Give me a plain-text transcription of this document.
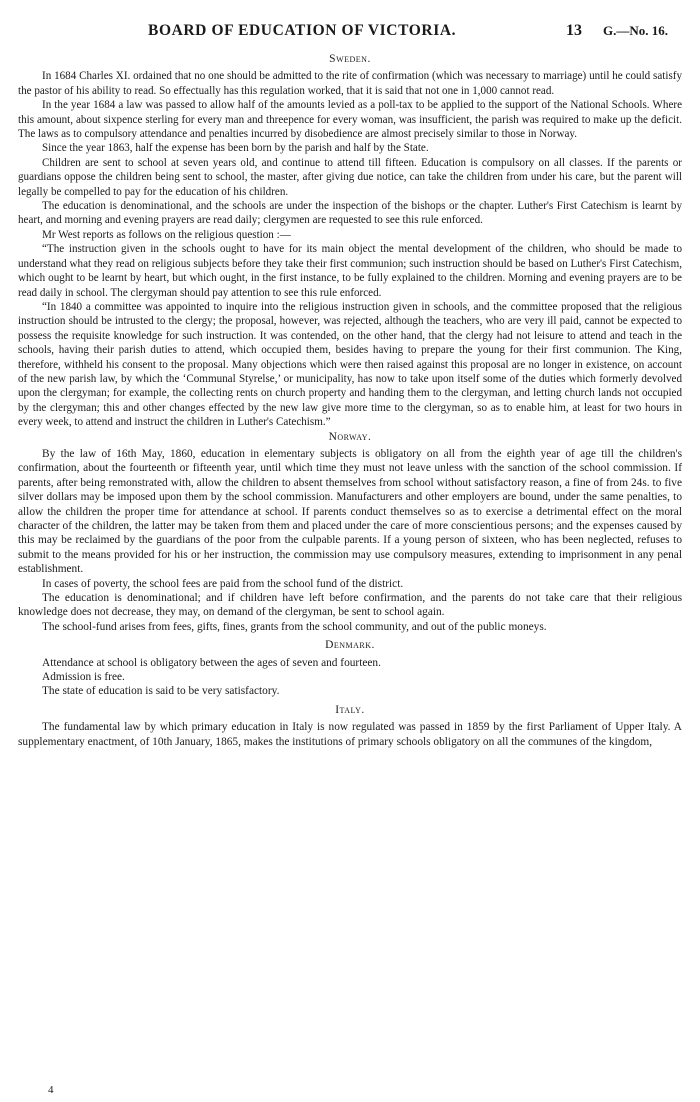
BOARD OF EDUCATION OF VICTORIA.	13 G.—No. 16.
Sweden.

In 1684 Charles XI. ordained that no one should be admitted to the rite of confirmation (which was necessary to marriage) until he could satisfy the pastor of his ability to read. So effectually has this regulation worked, that it is said that not one in 1,000 cannot read.

In the year 1684 a law was passed to allow half of the amounts levied as a poll-tax to be applied to the support of the National Schools. Where this amount, about sixpence sterling for every man and threepence for every woman, was insufficient, the parish was required to make up the deficit. The laws as to compulsory attendance and penalties incurred by disobedience are almost precisely similar to those in Norway.

Since the year 1863, half the expense has been born by the parish and half by the State.

Children are sent to school at seven years old, and continue to attend till fifteen. Education is compulsory on all classes. If the parents or guardians oppose the children being sent to school, the master, after giving due notice, can take the children from under his care, but the parent will legally be compelled to pay for the education of his children.

The education is denominational, and the schools are under the inspection of the bishops or the chapter. Luther's First Catechism is learnt by heart, and morning and evening prayers are read daily; clergymen are requested to see this rule enforced.

Mr West reports as follows on the religious question :—

“The instruction given in the schools ought to have for its main object the mental development of the children, who should be made to understand what they read on religious subjects before they take their first communion; such instruction should be based on Luther's First Catechism, which ought to be learnt by heart, but which ought, in the first instance, to be fully explained to the children. Morning and evening prayers are to be read daily in school. The clergyman should pay attention to see this rule enforced.

“In 1840 a committee was appointed to inquire into the religious instruction given in schools, and the committee proposed that the religious instruction should be intrusted to the clergy; the proposal, however, was rejected, although the teachers, who are very ill paid, cannot be expected to possess the requisite knowledge for such instruction. It was contended, on the other hand, that the clergy had not leisure to attend and teach in the schools, having their parish duties to attend, which occupied them, besides having to prepare the young for their first communion. The King, therefore, withheld his consent to the proposal. Many objections which were then raised against this proposal are no longer in existence, on account of the new parish law, by which the ‘Communal Styrelse,’ or municipality, has now to take upon itself some of the duties which formerly devolved upon the clergyman; for example, the collecting rents on church property and handing them to the clergyman, and letting church lands not occupied by the clergyman; this and other changes effected by the new law give more time to the clergyman, so as to enable him, at least for two hours in every week, to attend and instruct the children in Luther's Catechism.”

Norway.

By the law of 16th May, 1860, education in elementary subjects is obligatory on all from the eighth year of age till the children's confirmation, about the fourteenth or fifteenth year, until which time they must not leave unless with the sanction of the school commission. If parents, after being remonstrated with, allow the children to absent themselves from school without satisfactory reason, a fine of from 24s. to five silver dollars may be imposed upon them by the school commission. Manufacturers and other employers are bound, under the same penalties, to allow the children the proper time for attendance at school. If parents conduct themselves so as to exercise a detrimental effect on the moral character of the children, the latter may be taken from them and placed under the care of more conscientious persons; and the expenses caused by this may be reclaimed by the guardians of the poor from the culpable parents. If a young person of sixteen, who has been neglected, refuses to submit to the means provided for his or her instruction, the commission may use compulsory measures, extending to imprisonment in any penal establishment.

In cases of poverty, the school fees are paid from the school fund of the district.

The education is denominational; and if children have left before confirmation, and the parents do not take care that their religious knowledge does not decrease, they may, on demand of the clergyman, be sent to school again.

The school-fund arises from fees, gifts, fines, grants from the school community, and out of the public moneys.

Denmark.

Attendance at school is obligatory between the ages of seven and fourteen.

Admission is free.

The state of education is said to be very satisfactory.

Italy.

The fundamental law by which primary education in Italy is now regulated was passed in 1859 by the first Parliament of Upper Italy. A supplementary enactment, of 10th January, 1865, makes the institutions of primary schools obligatory on all the communes of the kingdom,

4
